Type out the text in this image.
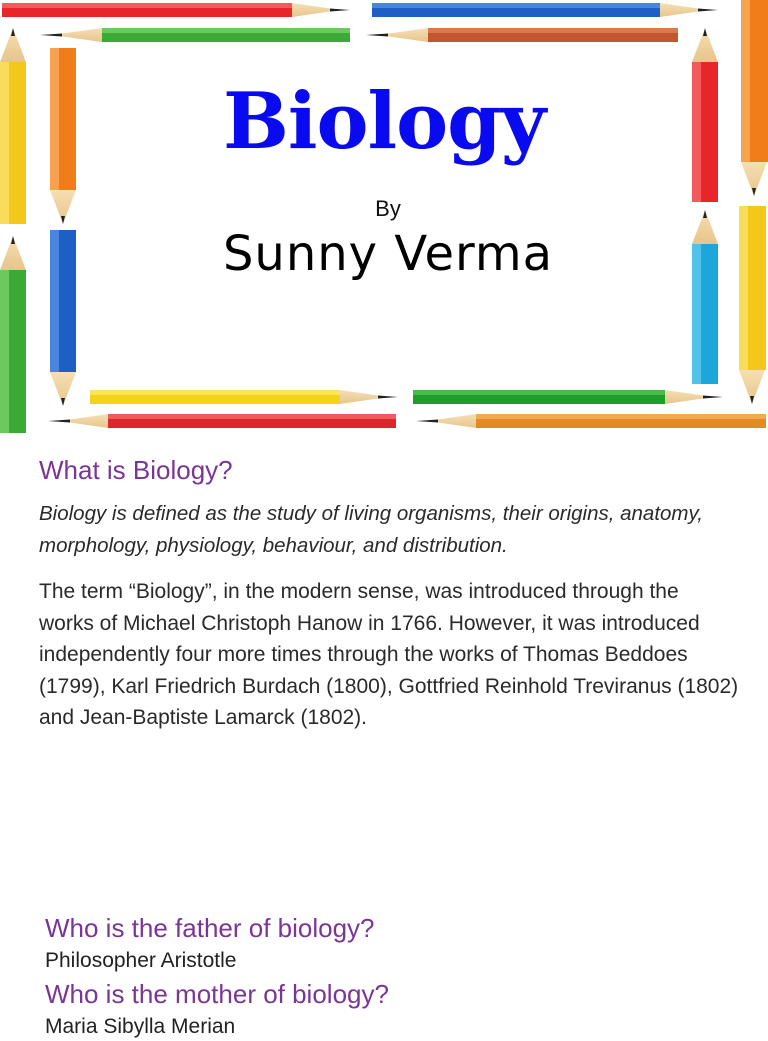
Biology
By
Sunny Verma
What is Biology?

Biology is defined as the study of living organisms, their origins, anatomy, morphology, physiology, behaviour, and distribution.

The term “Biology”, in the modern sense, was introduced through the works of Michael Christoph Hanow in 1766. However, it was introduced independently four more times through the works of Thomas Beddoes (1799), Karl Friedrich Burdach (1800), Gottfried Reinhold Treviranus (1802) and Jean-Baptiste Lamarck (1802).

Who is the father of biology?

Philosopher Aristotle

Who is the mother of biology?

Maria Sibylla Merian
